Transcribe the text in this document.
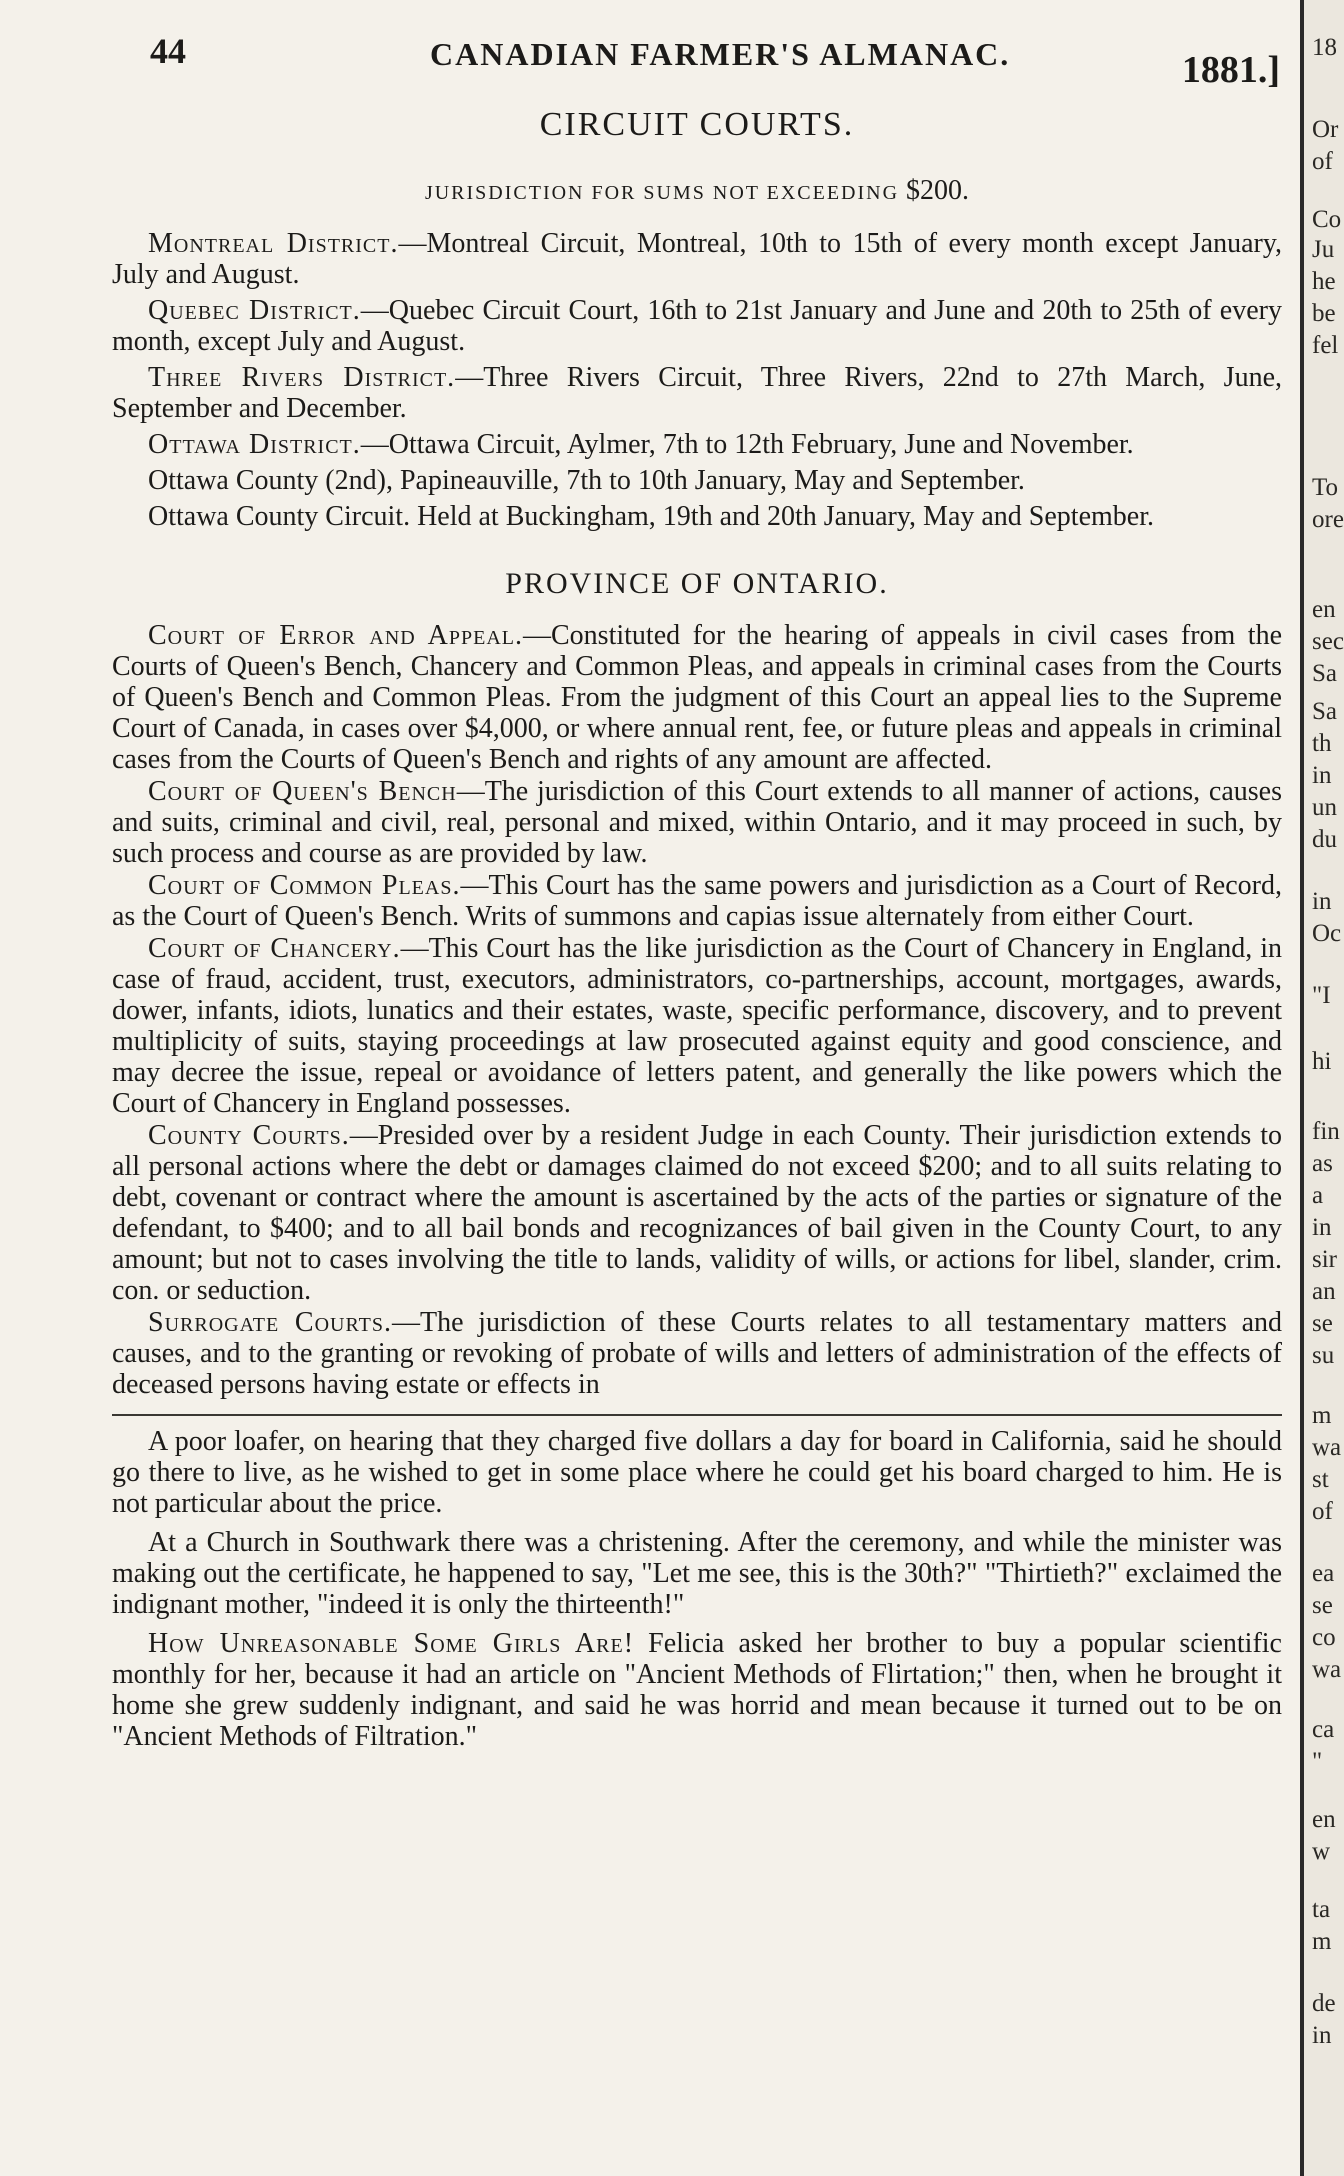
44	CANADIAN FARMER'S ALMANAC.	1881.]
CIRCUIT COURTS.
JURISDICTION FOR SUMS NOT EXCEEDING $200.

Montreal District.—Montreal Circuit, Montreal, 10th to 15th of every month except January, July and August.

Quebec District.—Quebec Circuit Court, 16th to 21st January and June and 20th to 25th of every month, except July and August.

Three Rivers District.—Three Rivers Circuit, Three Rivers, 22nd to 27th March, June, September and December.

Ottawa District.—Ottawa Circuit, Aylmer, 7th to 12th February, June and November.

Ottawa County (2nd), Papineauville, 7th to 10th January, May and September.

Ottawa County Circuit. Held at Buckingham, 19th and 20th January, May and September.

PROVINCE OF ONTARIO.

Court of Error and Appeal.—Constituted for the hearing of appeals in civil cases from the Courts of Queen's Bench, Chancery and Common Pleas, and appeals in criminal cases from the Courts of Queen's Bench and Common Pleas. From the judgment of this Court an appeal lies to the Supreme Court of Canada, in cases over $4,000, or where annual rent, fee, or future pleas and appeals in criminal cases from the Courts of Queen's Bench and rights of any amount are affected.

Court of Queen's Bench—The jurisdiction of this Court extends to all manner of actions, causes and suits, criminal and civil, real, personal and mixed, within Ontario, and it may proceed in such, by such process and course as are provided by law.

Court of Common Pleas.—This Court has the same powers and jurisdiction as a Court of Record, as the Court of Queen's Bench. Writs of summons and capias issue alternately from either Court.

Court of Chancery.—This Court has the like jurisdiction as the Court of Chancery in England, in case of fraud, accident, trust, executors, administrators, co-partnerships, account, mortgages, awards, dower, infants, idiots, lunatics and their estates, waste, specific performance, discovery, and to prevent multiplicity of suits, staying proceedings at law prosecuted against equity and good conscience, and may decree the issue, repeal or avoidance of letters patent, and generally the like powers which the Court of Chancery in England possesses.

County Courts.—Presided over by a resident Judge in each County. Their jurisdiction extends to all personal actions where the debt or damages claimed do not exceed $200; and to all suits relating to debt, covenant or contract where the amount is ascertained by the acts of the parties or signature of the defendant, to $400; and to all bail bonds and recognizances of bail given in the County Court, to any amount; but not to cases involving the title to lands, validity of wills, or actions for libel, slander, crim. con. or seduction.

Surrogate Courts.—The jurisdiction of these Courts relates to all testamentary matters and causes, and to the granting or revoking of probate of wills and letters of administration of the effects of deceased persons having estate or effects in

A poor loafer, on hearing that they charged five dollars a day for board in California, said he should go there to live, as he wished to get in some place where he could get his board charged to him. He is not particular about the price.

At a Church in Southwark there was a christening. After the ceremony, and while the minister was making out the certificate, he happened to say, "Let me see, this is the 30th?" "Thirtieth?" exclaimed the indignant mother, "indeed it is only the thirteenth!"

How Unreasonable Some Girls Are! Felicia asked her brother to buy a popular scientific monthly for her, because it had an article on "Ancient Methods of Flirtation;" then, when he brought it home she grew suddenly indignant, and said he was horrid and mean because it turned out to be on "Ancient Methods of Filtration."

18
Or
of
Co
Ju
he
be
fel
To
ore
en
sec
Sa
Sa
th
in
un
du
in
Oc
"I
hi
fin
as
a
in
sir
an
se
su
m
wa
st
of
ea
se
co
wa
ca
"
en
w
ta
m
de
in
